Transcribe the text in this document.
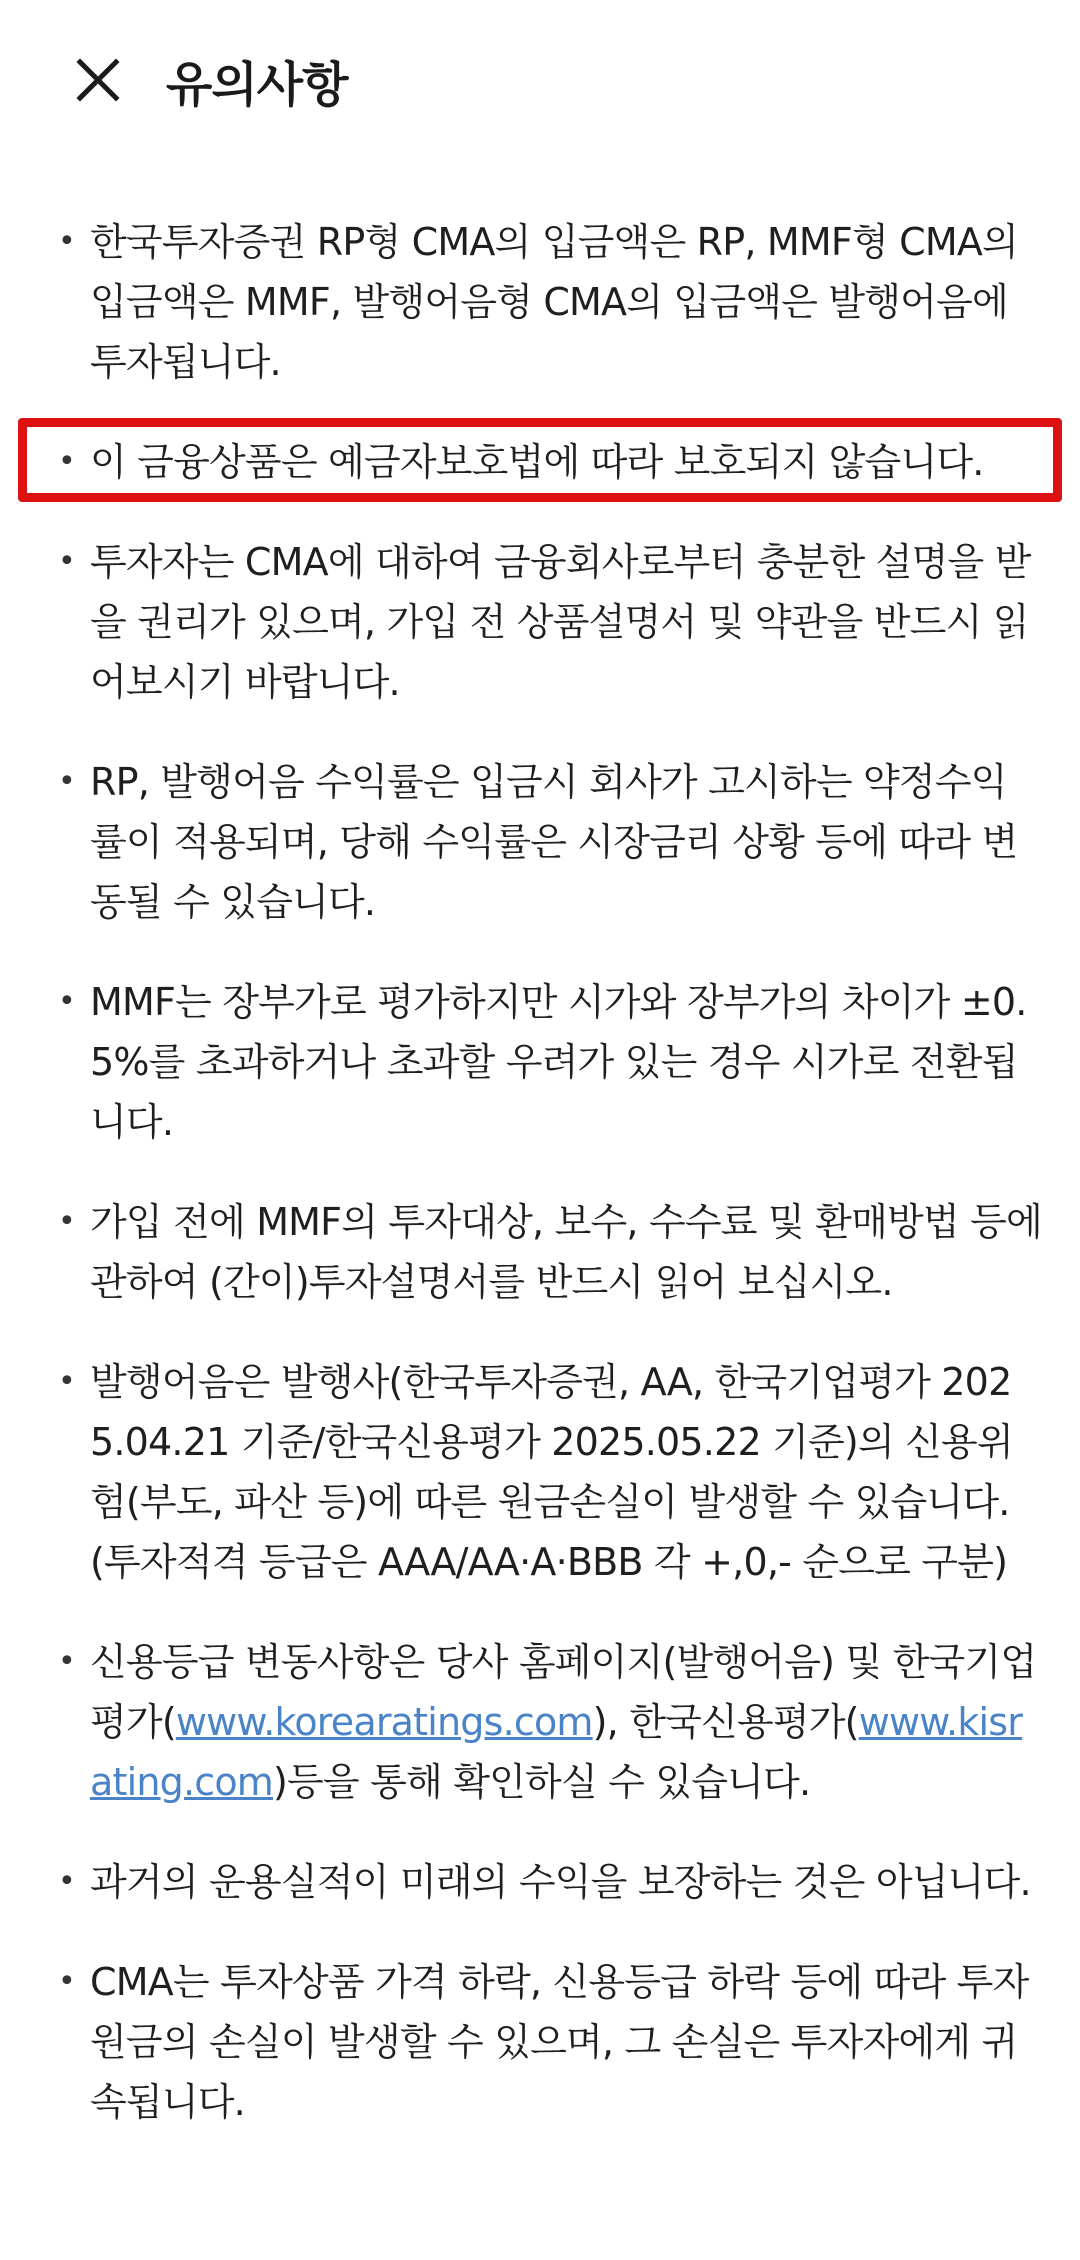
유의사항
• 한국투자증권 RP형 CMA의 입금액은 RP, MMF형 CMA의 입금액은 MMF, 발행어음형 CMA의 입금액은 발행어음에 투자됩니다.
• 이 금융상품은 예금자보호법에 따라 보호되지 않습니다.
• 투자자는 CMA에 대하여 금융회사로부터 충분한 설명을 받을 권리가 있으며, 가입 전 상품설명서 및 약관을 반드시 읽어보시기 바랍니다.
• RP, 발행어음 수익률은 입금시 회사가 고시하는 약정수익률이 적용되며, 당해 수익률은 시장금리 상황 등에 따라 변동될 수 있습니다.
• MMF는 장부가로 평가하지만 시가와 장부가의 차이가 ±0.5%를 초과하거나 초과할 우려가 있는 경우 시가로 전환됩니다.
• 가입 전에 MMF의 투자대상, 보수, 수수료 및 환매방법 등에 관하여 (간이)투자설명서를 반드시 읽어 보십시오.
• 발행어음은 발행사(한국투자증권, AA, 한국기업평가 2025.04.21 기준/한국신용평가 2025.05.22 기준)의 신용위험(부도, 파산 등)에 따른 원금손실이 발생할 수 있습니다. (투자적격 등급은 AAA/AA·A·BBB 각 +,0,- 순으로 구분)
• 신용등급 변동사항은 당사 홈페이지(발행어음) 및 한국기업평가(www.korearatings.com), 한국신용평가(www.kisrating.com)등을 통해 확인하실 수 있습니다.
• 과거의 운용실적이 미래의 수익을 보장하는 것은 아닙니다.
• CMA는 투자상품 가격 하락, 신용등급 하락 등에 따라 투자원금의 손실이 발생할 수 있으며, 그 손실은 투자자에게 귀속됩니다.
